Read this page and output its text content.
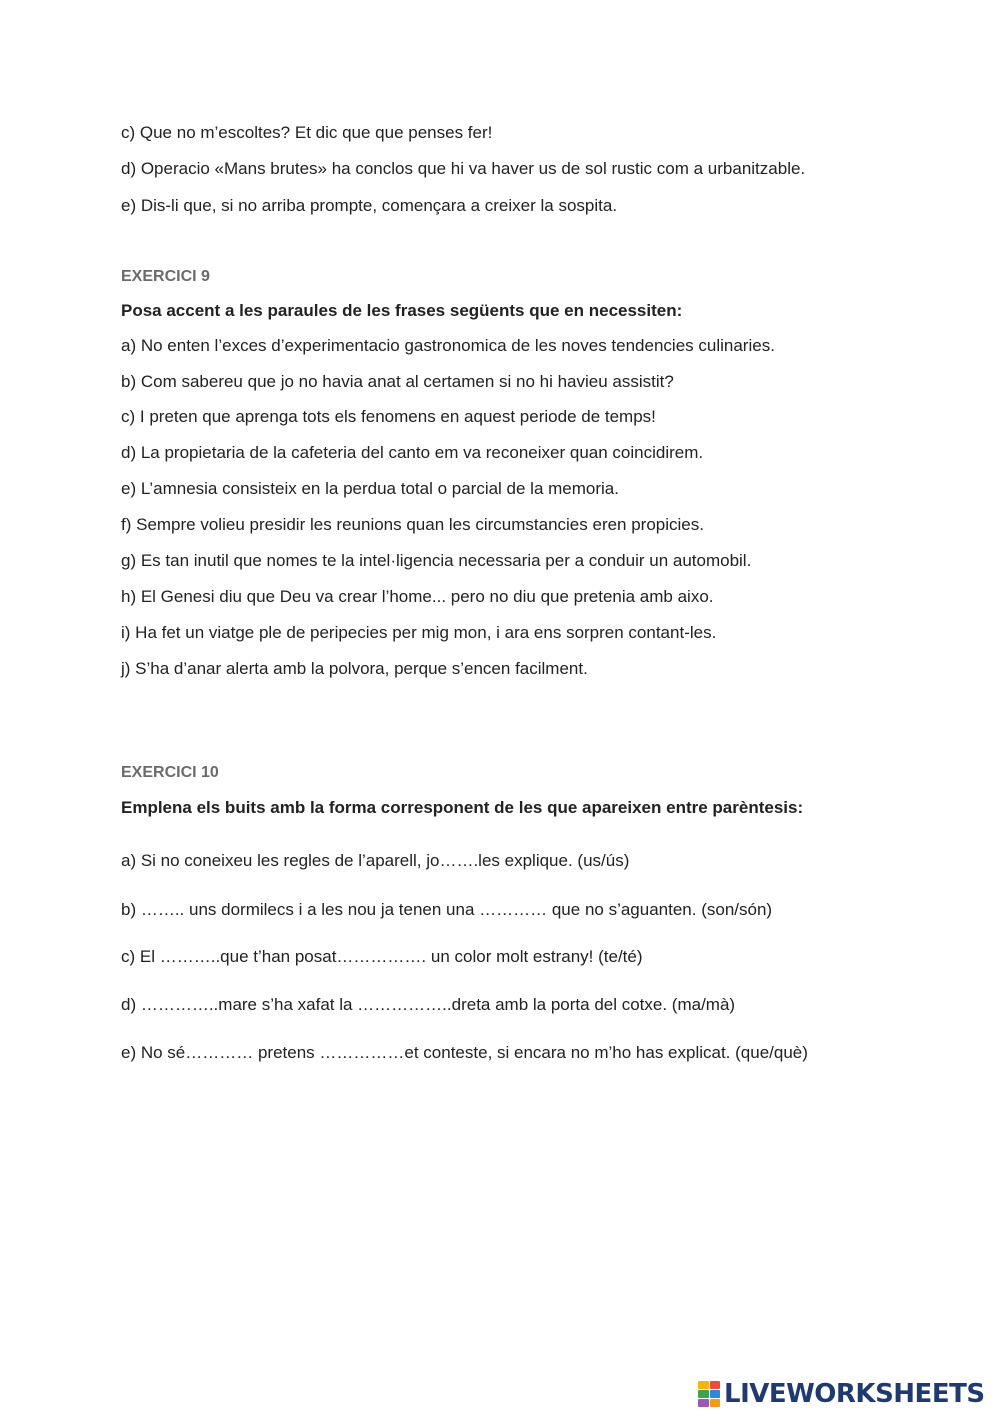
c) Que no m’escoltes? Et dic que que penses fer!
d) Operacio «Mans brutes» ha conclos que hi va haver us de sol rustic com a urbanitzable.
e) Dis-li que, si no arriba prompte, començara a creixer la sospita.
EXERCICI 9
Posa accent a les paraules de les frases següents que en necessiten:
a) No enten l’exces d’experimentacio gastronomica de les noves tendencies culinaries.
b) Com sabereu que jo no havia anat al certamen si no hi havieu assistit?
c) I preten que aprenga tots els fenomens en aquest periode de temps!
d) La propietaria de la cafeteria del canto em va reconeixer quan coincidirem.
e) L’amnesia consisteix en la perdua total o parcial de la memoria.
f) Sempre volieu presidir les reunions quan les circumstancies eren propicies.
g) Es tan inutil que nomes te la intel·ligencia necessaria per a conduir un automobil.
h) El Genesi diu que Deu va crear l’home... pero no diu que pretenia amb aixo.
i) Ha fet un viatge ple de peripecies per mig mon, i ara ens sorpren contant-les.
j) S’ha d’anar alerta amb la polvora, perque s’encen facilment.
EXERCICI 10
Emplena els buits amb la forma corresponent de les que apareixen entre parèntesis:
a) Si no coneixeu les regles de l’aparell, jo…….les explique. (us/ús)
b) …….. uns dormilecs i a les nou ja tenen una ………… que no s’aguanten. (son/són)
c) El ………..que t’han posat……………. un color molt estrany! (te/té)
d) …………..mare s’ha xafat la ……………..dreta amb la porta del cotxe. (ma/mà)
e) No sé………… pretens ……………et conteste, si encara no m’ho has explicat. (que/què)
LIVEWORKSHEETS
